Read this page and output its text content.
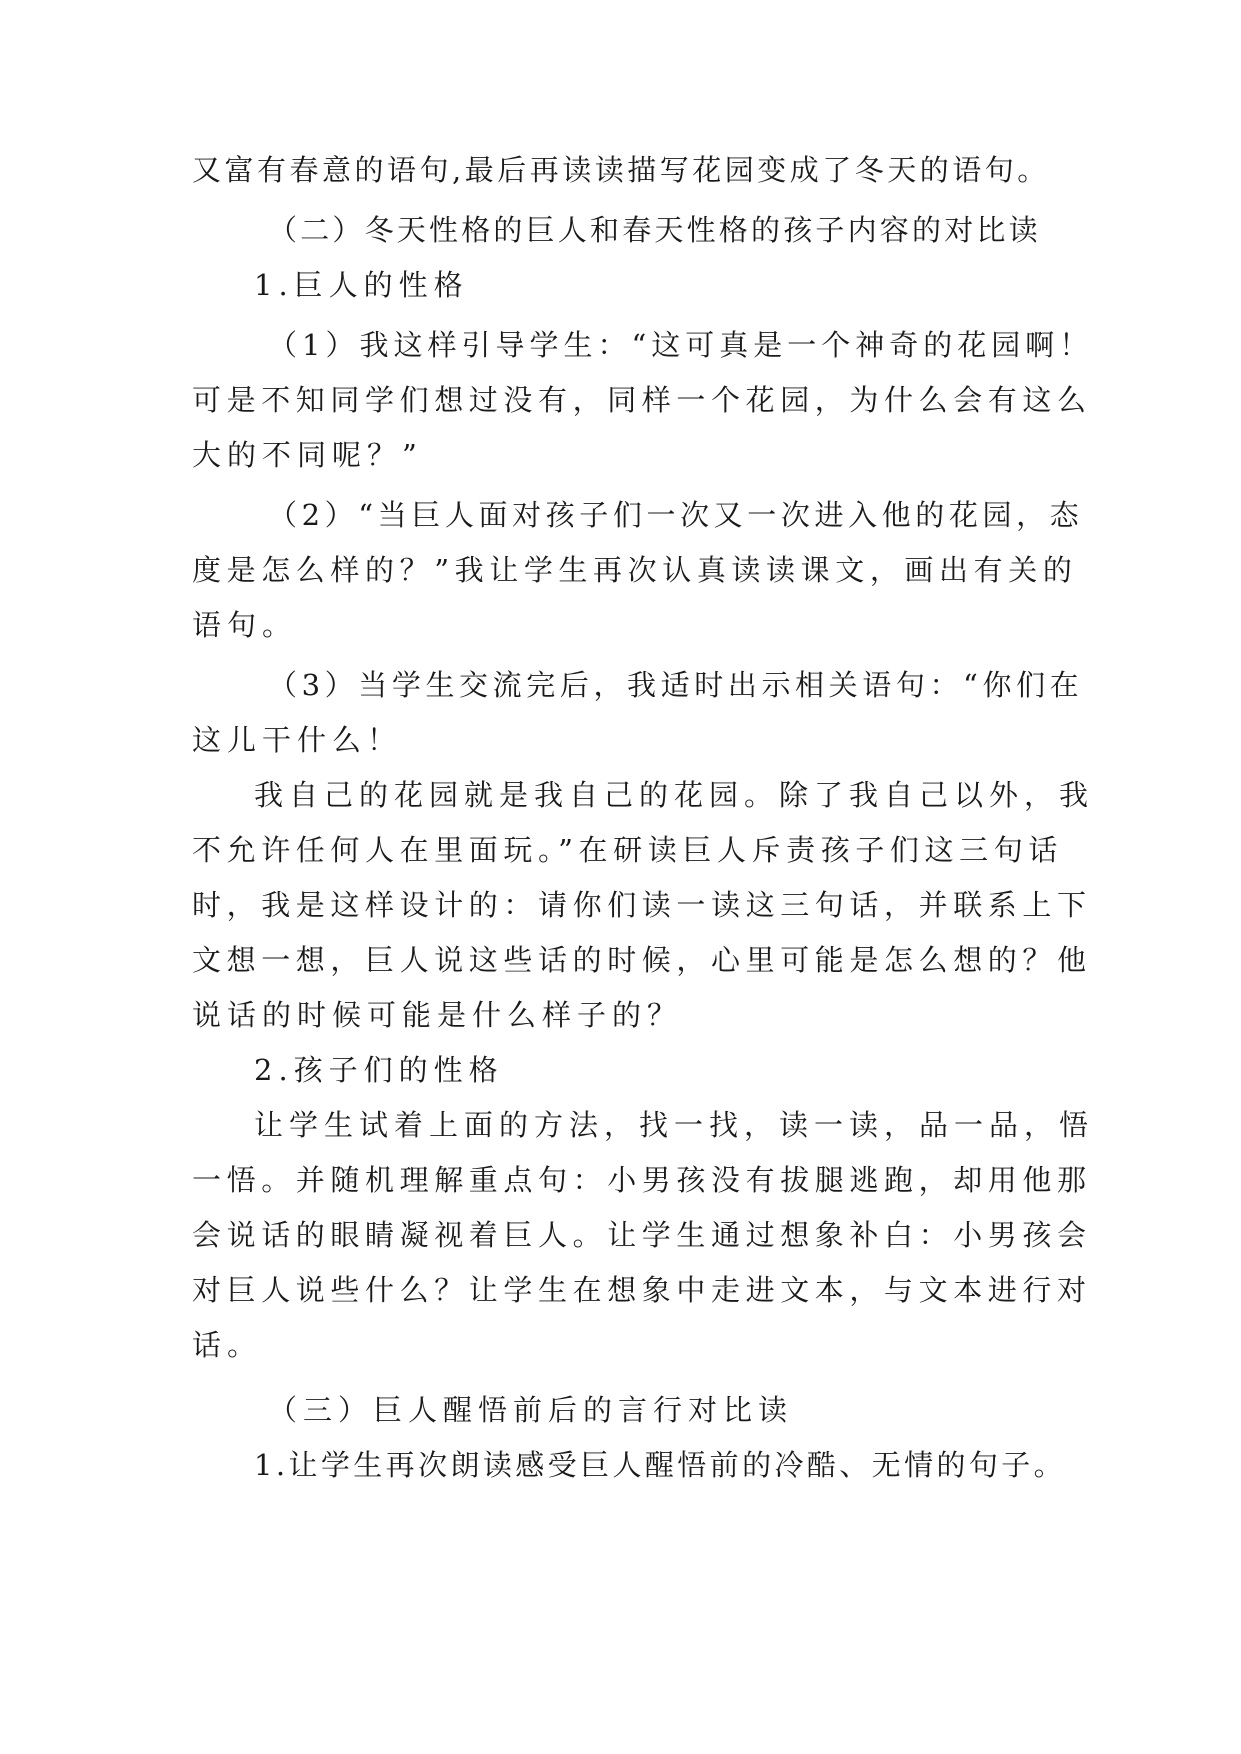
又富有春意的语句,最后再读读描写花园变成了冬天的语句。
（二）冬天性格的巨人和春天性格的孩子内容的对比读
1.巨人的性格
（1）我这样引导学生：“这可真是一个神奇的花园啊！
可是不知同学们想过没有，同样一个花园，为什么会有这么
大的不同呢？”
（2）“当巨人面对孩子们一次又一次进入他的花园，态
度是怎么样的？”我让学生再次认真读读课文，画出有关的
语句。
（3）当学生交流完后，我适时出示相关语句：“你们在
这儿干什么！
我自己的花园就是我自己的花园。除了我自己以外，我
不允许任何人在里面玩。”在研读巨人斥责孩子们这三句话
时，我是这样设计的：请你们读一读这三句话，并联系上下
文想一想，巨人说这些话的时候，心里可能是怎么想的？他
说话的时候可能是什么样子的？
2.孩子们的性格
让学生试着上面的方法，找一找，读一读，品一品，悟
一悟。并随机理解重点句：小男孩没有拔腿逃跑，却用他那
会说话的眼睛凝视着巨人。让学生通过想象补白：小男孩会
对巨人说些什么？让学生在想象中走进文本，与文本进行对
话。
（三）巨人醒悟前后的言行对比读
1.让学生再次朗读感受巨人醒悟前的冷酷、无情的句子。
